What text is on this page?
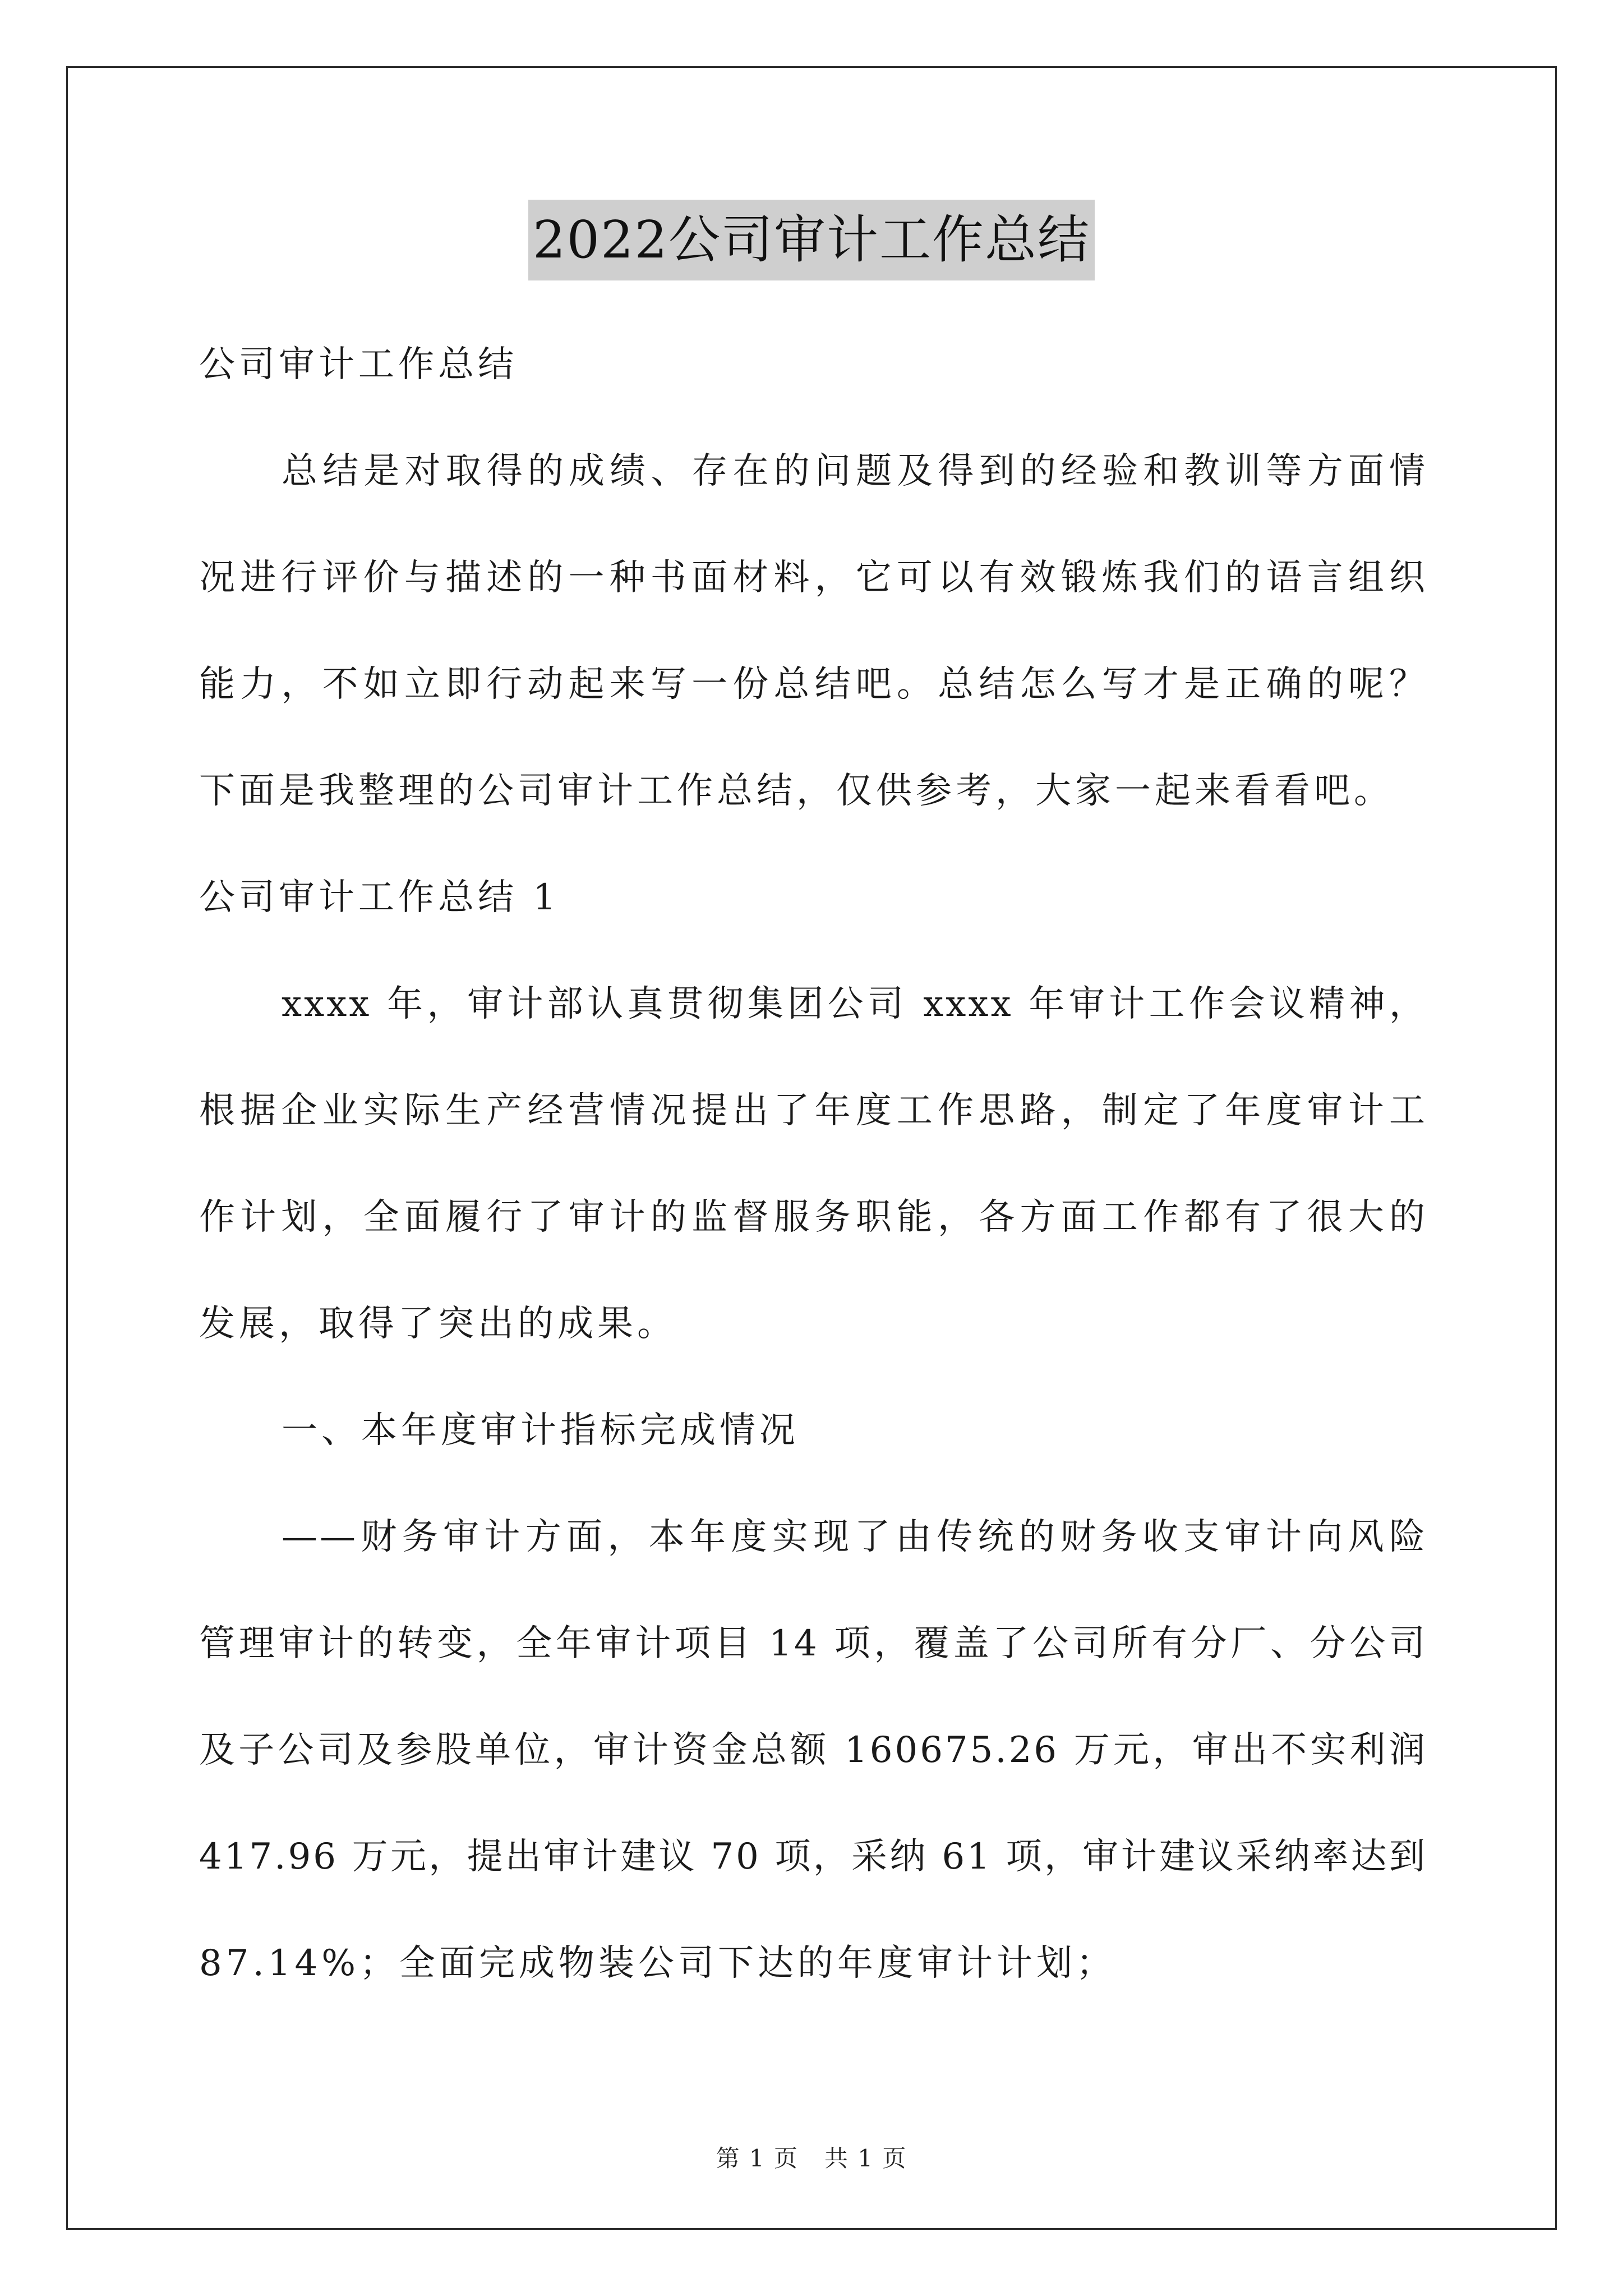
2022公司审计工作总结
公司审计工作总结
总结是对取得的成绩、存在的问题及得到的经验和教训等方面情
况进行评价与描述的一种书面材料，它可以有效锻炼我们的语言组织
能力，不如立即行动起来写一份总结吧。总结怎么写才是正确的呢？
下面是我整理的公司审计工作总结，仅供参考，大家一起来看看吧。
公司审计工作总结 1
xxxx 年，审计部认真贯彻集团公司 xxxx 年审计工作会议精神，
根据企业实际生产经营情况提出了年度工作思路，制定了年度审计工
作计划，全面履行了审计的监督服务职能，各方面工作都有了很大的
发展，取得了突出的成果。
一、本年度审计指标完成情况
——财务审计方面，本年度实现了由传统的财务收支审计向风险
管理审计的转变，全年审计项目 14 项，覆盖了公司所有分厂、分公司
及子公司及参股单位，审计资金总额 160675.26 万元，审出不实利润
417.96 万元，提出审计建议 70 项，采纳 61 项，审计建议采纳率达到
87.14%；全面完成物装公司下达的年度审计计划；
第 1 页 共 1 页
